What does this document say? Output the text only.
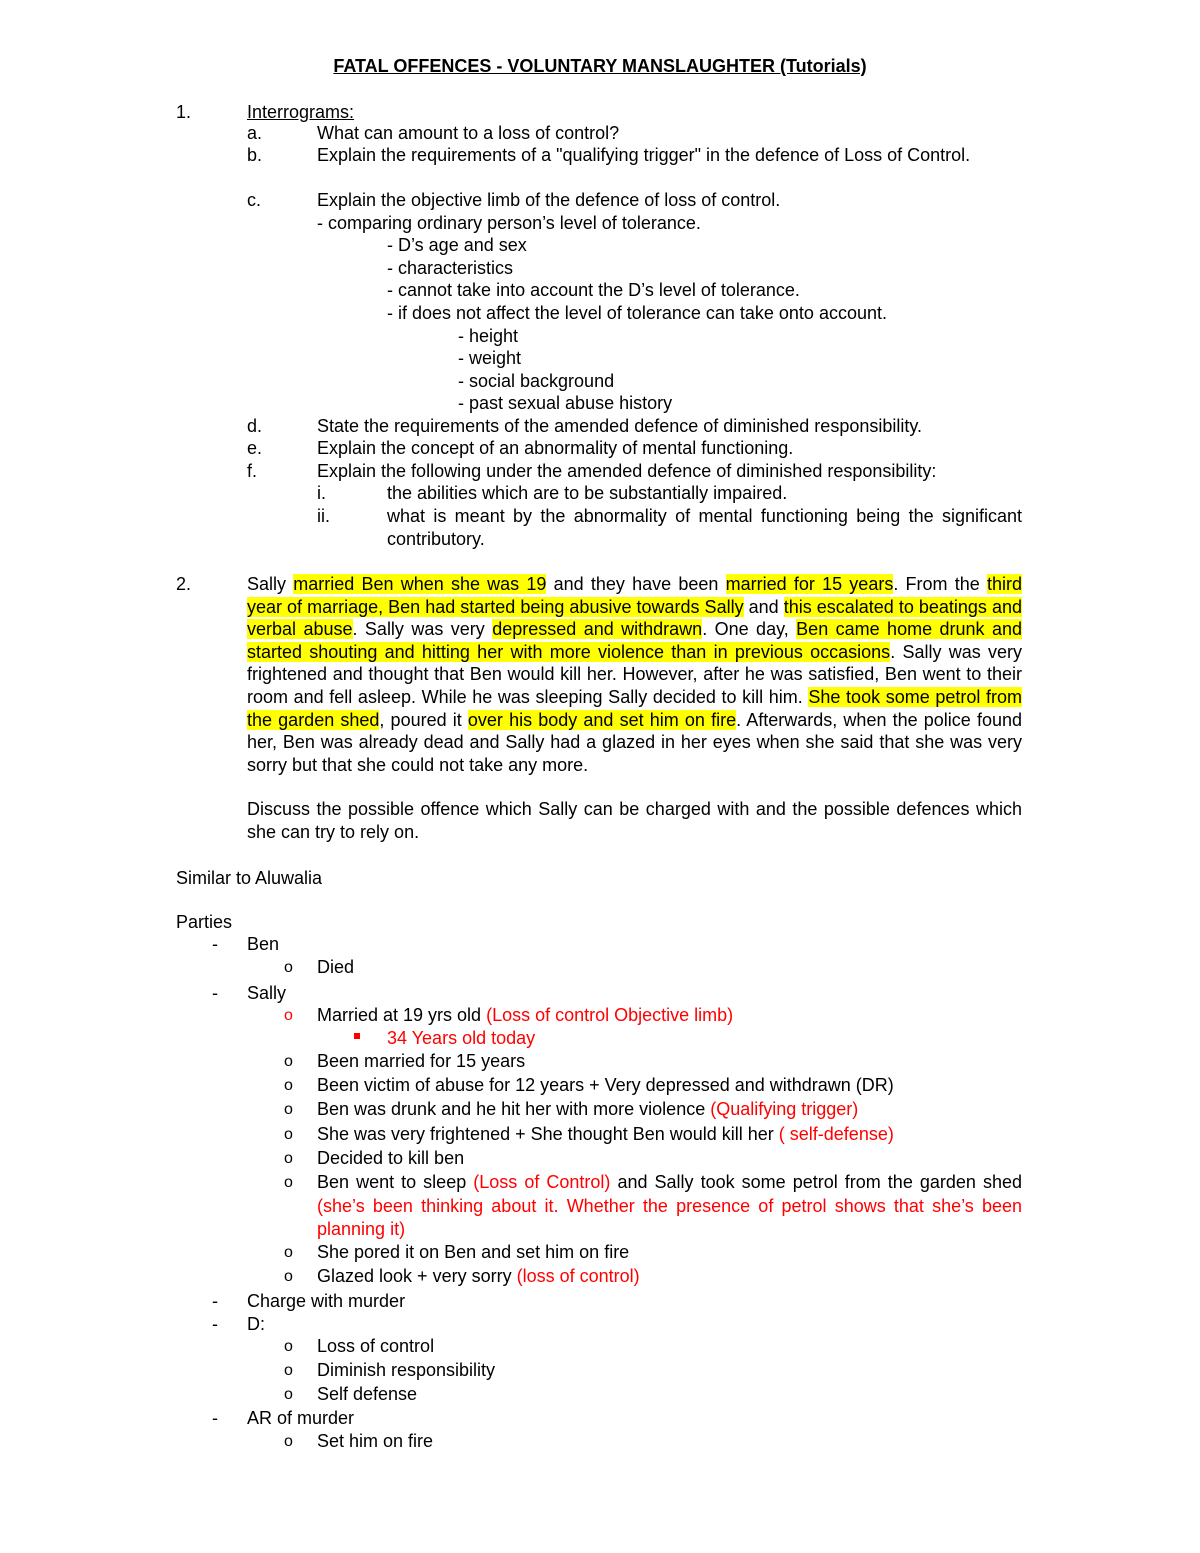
FATAL OFFENCES - VOLUNTARY MANSLAUGHTER (Tutorials)
1.	Interrograms:
a.	What can amount to a loss of control?
b.	Explain the requirements of a "qualifying trigger" in the defence of Loss of Control.
c.	Explain the objective limb of the defence of loss of control.
- comparing ordinary person’s level of tolerance.
- D’s age and sex
- characteristics
- cannot take into account the D’s level of tolerance.
- if does not affect the level of tolerance can take onto account.
- height
- weight
- social background
- past sexual abuse history
d.	State the requirements of the amended defence of diminished responsibility.
e.	Explain the concept of an abnormality of mental functioning.
f.	Explain the following under the amended defence of diminished responsibility:
i.	the abilities which are to be substantially impaired.
ii.	what is meant by the abnormality of mental functioning being the significant contributory.
2.	Sally married Ben when she was 19 and they have been married for 15 years. From the third year of marriage, Ben had started being abusive towards Sally and this escalated to beatings and verbal abuse. Sally was very depressed and withdrawn. One day, Ben came home drunk and started shouting and hitting her with more violence than in previous occasions. Sally was very frightened and thought that Ben would kill her. However, after he was satisfied, Ben went to their room and fell asleep. While he was sleeping Sally decided to kill him. She took some petrol from the garden shed, poured it over his body and set him on fire. Afterwards, when the police found her, Ben was already dead and Sally had a glazed in her eyes when she said that she was very sorry but that she could not take any more.
Discuss the possible offence which Sally can be charged with and the possible defences which she can try to rely on.
Similar to Aluwalia
Parties
- Ben
o Died
- Sally
o Married at 19 yrs old (Loss of control Objective limb)
34 Years old today
o Been married for 15 years
o Been victim of abuse for 12 years + Very depressed and withdrawn (DR)
o Ben was drunk and he hit her with more violence (Qualifying trigger)
o She was very frightened + She thought Ben would kill her ( self-defense)
o Decided to kill ben
o Ben went to sleep (Loss of Control) and Sally took some petrol from the garden shed (she’s been thinking about it. Whether the presence of petrol shows that she’s been planning it)
o She pored it on Ben and set him on fire
o Glazed look + very sorry (loss of control)
- Charge with murder
- D:
o Loss of control
o Diminish responsibility
o Self defense
- AR of murder
o Set him on fire
